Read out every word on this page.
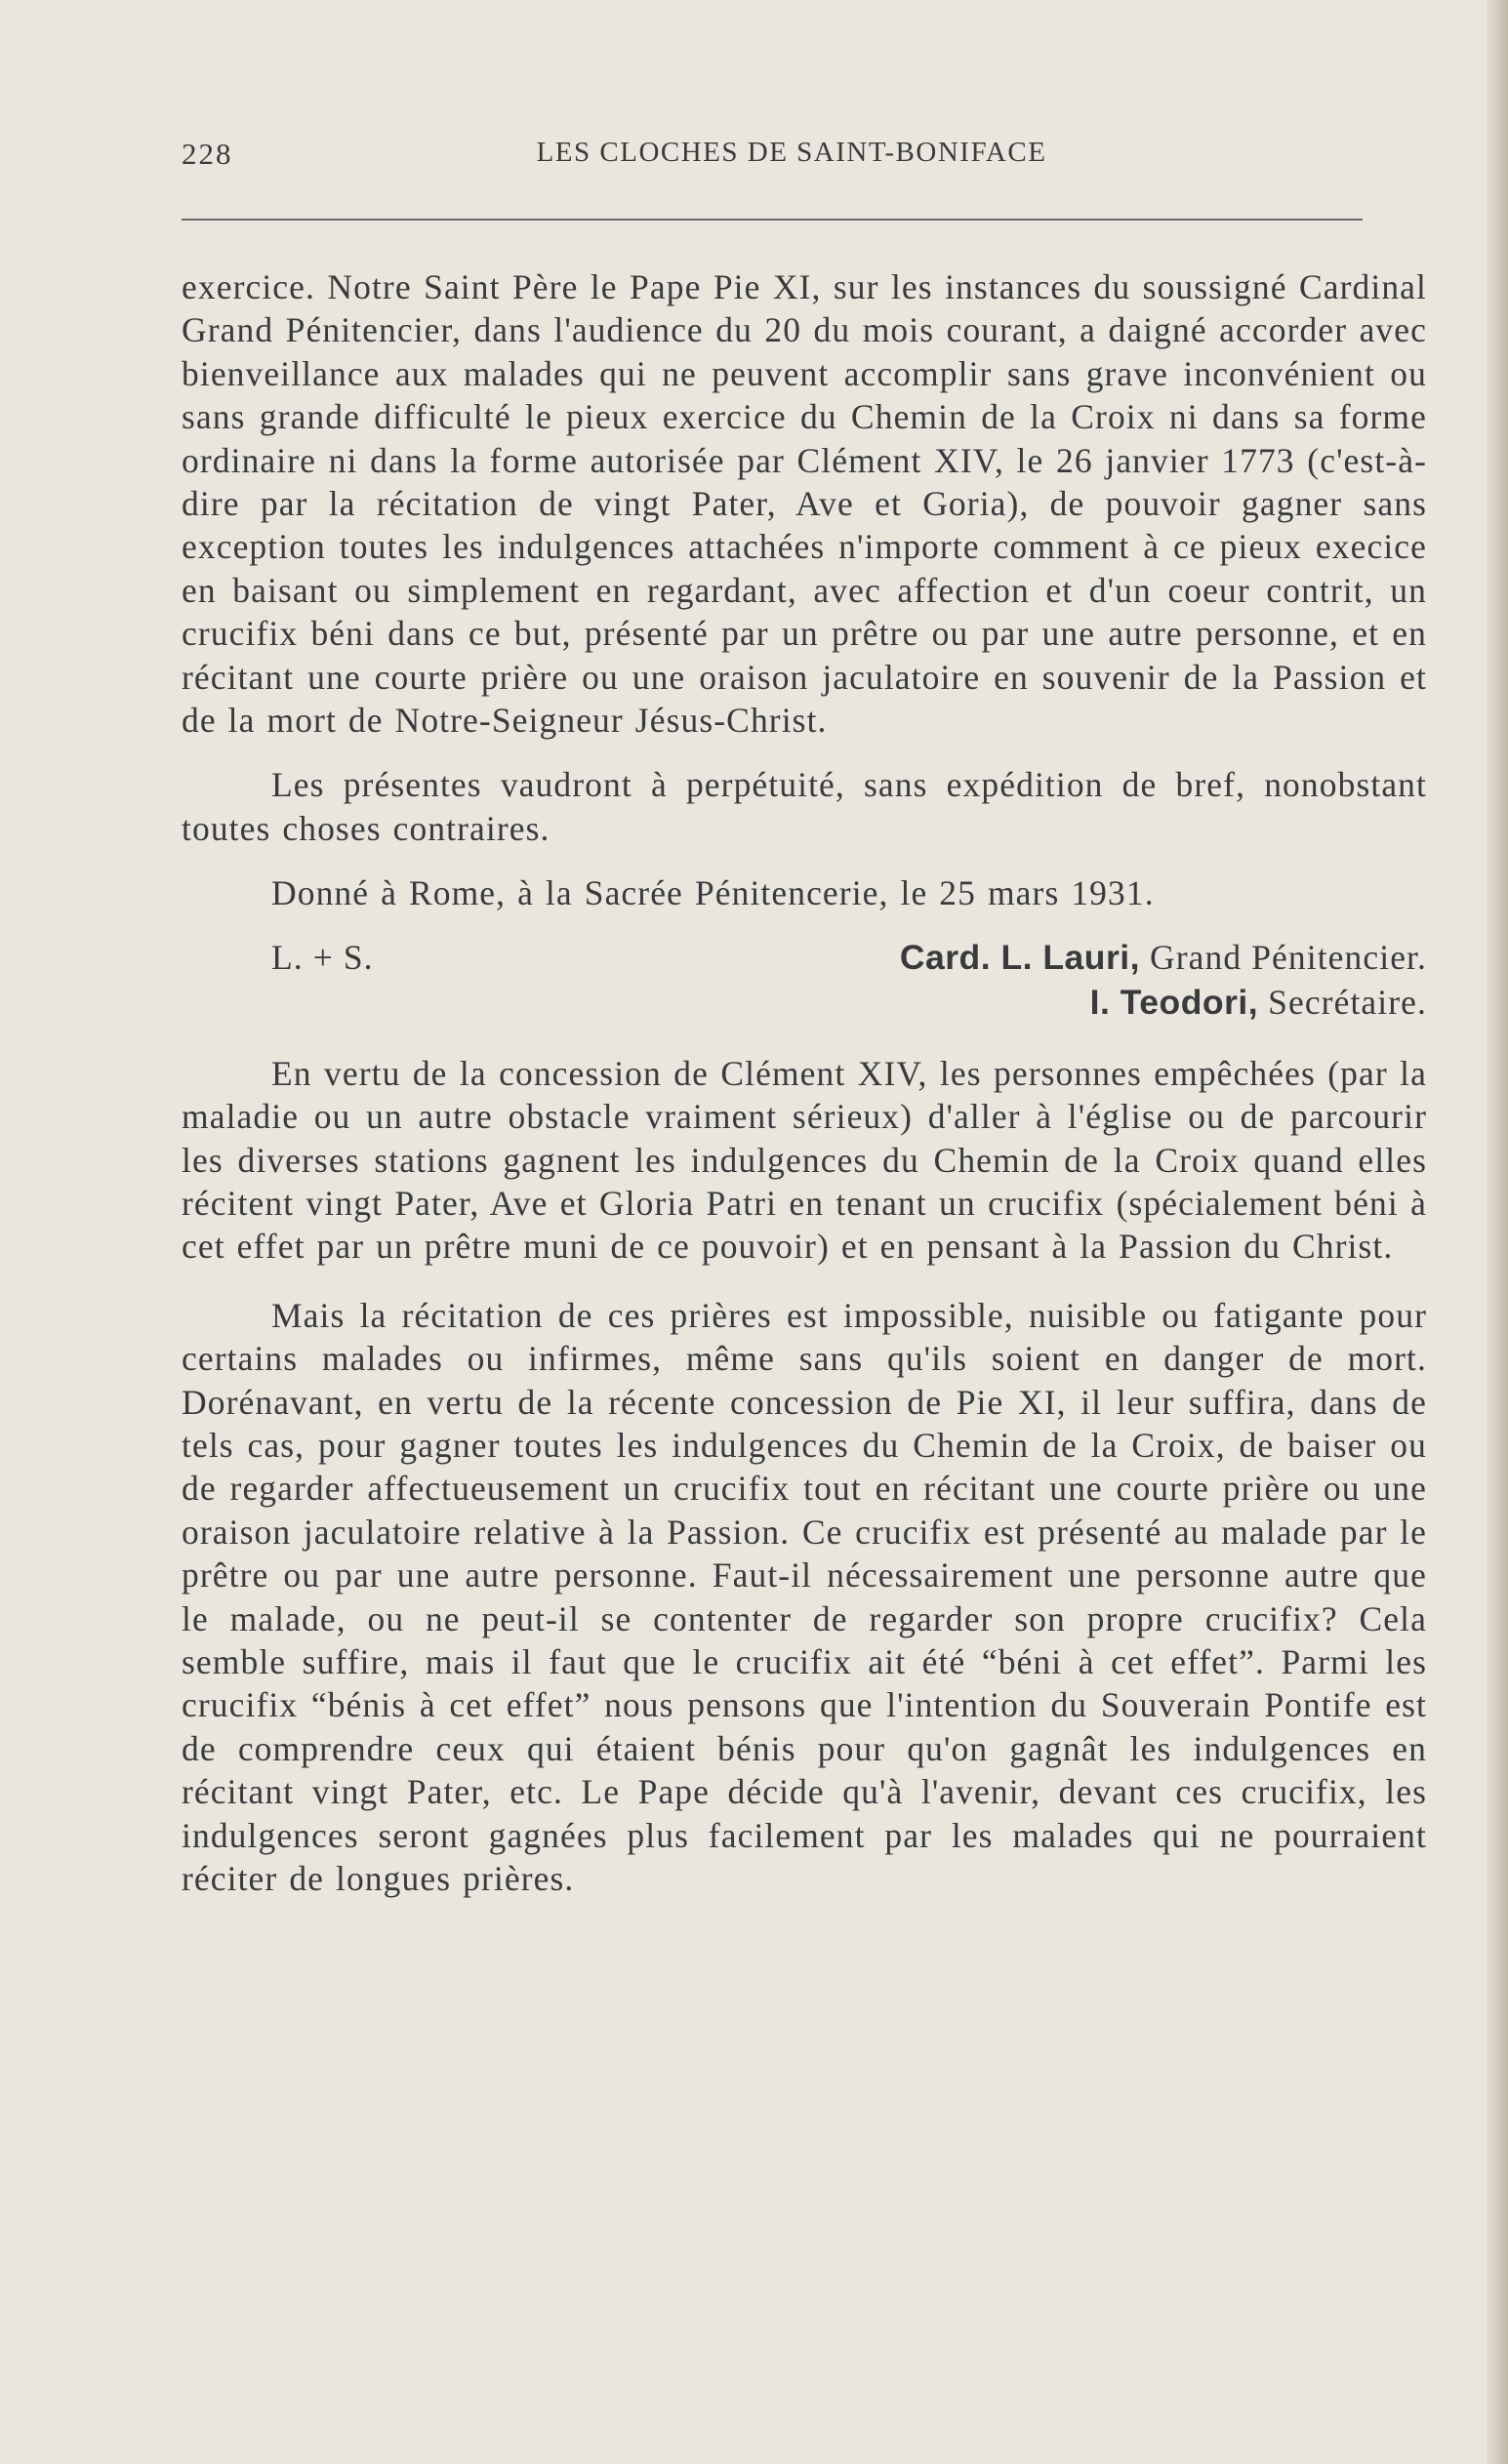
228	LES CLOCHES DE SAINT-BONIFACE

exercice. Notre Saint Père le Pape Pie XI, sur les instances du soussigné Cardinal Grand Pénitencier, dans l'audience du 20 du mois courant, a daigné accorder avec bienveillance aux malades qui ne peuvent accomplir sans grave inconvénient ou sans grande difficulté le pieux exercice du Chemin de la Croix ni dans sa forme ordinaire ni dans la forme autorisée par Clément XIV, le 26 janvier 1773 (c'est-à-dire par la récitation de vingt Pater, Ave et Goria), de pouvoir gagner sans exception toutes les indulgences attachées n'importe comment à ce pieux execice en baisant ou simplement en regardant, avec affection et d'un coeur contrit, un crucifix béni dans ce but, présenté par un prêtre ou par une autre personne, et en récitant une courte prière ou une oraison jaculatoire en souvenir de la Passion et de la mort de Notre-Seigneur Jésus-Christ.

Les présentes vaudront à perpétuité, sans expédition de bref, nonobstant toutes choses contraires.

Donné à Rome, à la Sacrée Pénitencerie, le 25 mars 1931.

L. + S.	Card. L. Lauri, Grand Pénitencier.
I. Teodori, Secrétaire.

En vertu de la concession de Clément XIV, les personnes empêchées (par la maladie ou un autre obstacle vraiment sérieux) d'aller à l'église ou de parcourir les diverses stations gagnent les indulgences du Chemin de la Croix quand elles récitent vingt Pater, Ave et Gloria Patri en tenant un crucifix (spécialement béni à cet effet par un prêtre muni de ce pouvoir) et en pensant à la Passion du Christ.

Mais la récitation de ces prières est impossible, nuisible ou fatigante pour certains malades ou infirmes, même sans qu'ils soient en danger de mort. Dorénavant, en vertu de la récente concession de Pie XI, il leur suffira, dans de tels cas, pour gagner toutes les indulgences du Chemin de la Croix, de baiser ou de regarder affectueusement un crucifix tout en récitant une courte prière ou une oraison jaculatoire relative à la Passion. Ce crucifix est présenté au malade par le prêtre ou par une autre personne. Faut-il nécessairement une personne autre que le malade, ou ne peut-il se contenter de regarder son propre crucifix? Cela semble suffire, mais il faut que le crucifix ait été “béni à cet effet”. Parmi les crucifix “bénis à cet effet” nous pensons que l'intention du Souverain Pontife est de comprendre ceux qui étaient bénis pour qu'on gagnât les indulgences en récitant vingt Pater, etc. Le Pape décide qu'à l'avenir, devant ces crucifix, les indulgences seront gagnées plus facilement par les malades qui ne pourraient réciter de longues prières.
